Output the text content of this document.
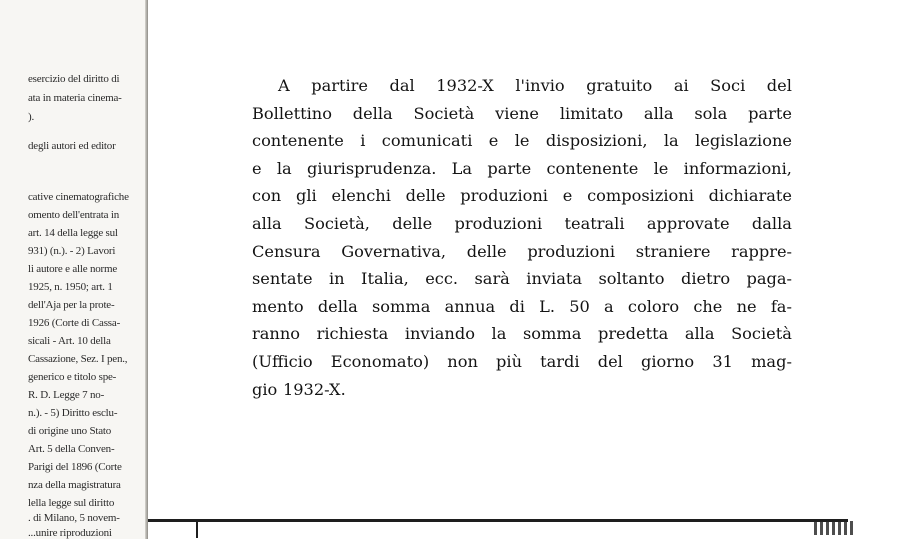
esercizio del diritto di
ata in materia cinema-
).
degli autori ed editor
cative cinematografiche
omento dell'entrata in
art. 14 della legge sul
931) (n.). - 2) Lavori
li autore e alle norme
1925, n. 1950; art. 1
dell'Aja per la prote-
1926 (Corte di Cassa-
sicali - Art. 10 della
Cassazione, Sez. I pen.,
generico e titolo spe-
R. D. Legge 7 no-
n.). - 5) Diritto esclu-
di origine uno Stato
Art. 5 della Conven-
Parigi del 1896 (Corte
nza della magistratura
lella legge sul diritto
. di Milano, 5 novem-
...unire riproduzioni
A partire dal 1932-X l'invio gratuito ai Soci del
Bollettino della Società viene limitato alla sola parte
contenente i comunicati e le disposizioni, la legislazione
e la giurisprudenza. La parte contenente le informazioni,
con gli elenchi delle produzioni e composizioni dichiarate
alla Società, delle produzioni teatrali approvate dalla
Censura Governativa, delle produzioni straniere rappre-
sentate in Italia, ecc. sarà inviata soltanto dietro paga-
mento della somma annua di L. 50 a coloro che ne fa-
ranno richiesta inviando la somma predetta alla Società
(Ufficio Economato) non più tardi del giorno 31 mag-
gio 1932-X.
